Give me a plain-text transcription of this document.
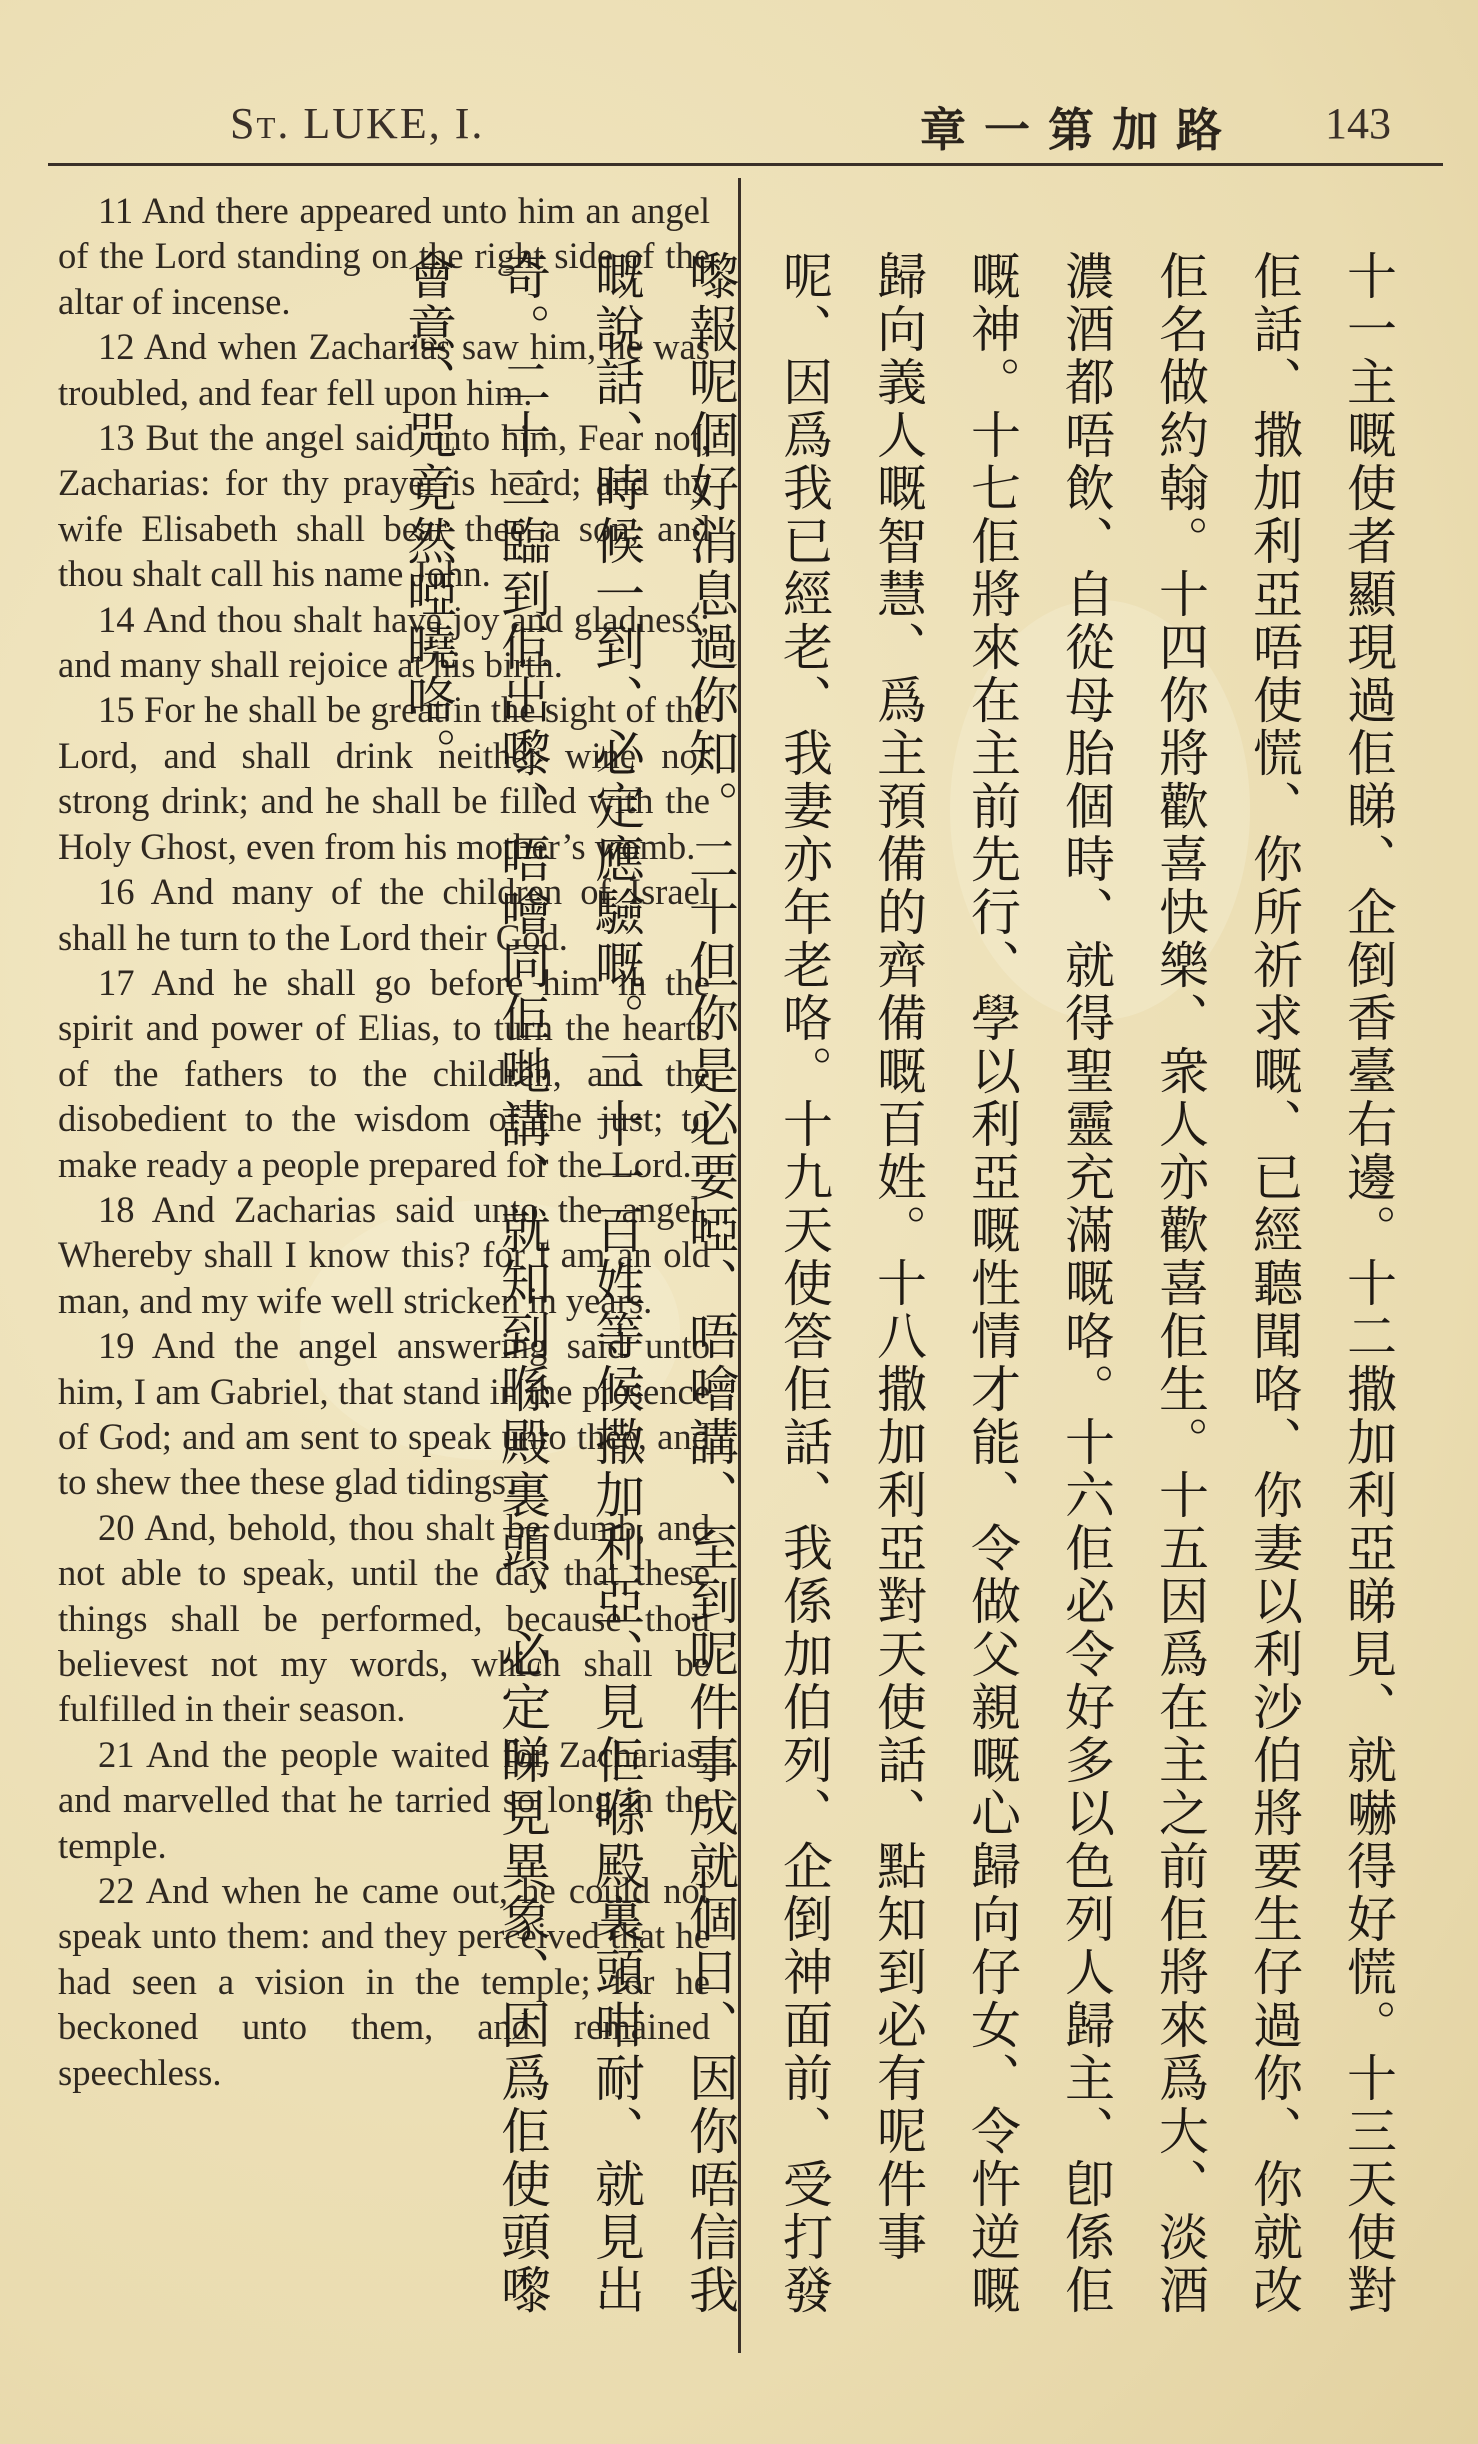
St. LUKE, I.	章一第加路 143

11 And there appeared unto him an angel of the Lord standing on the right side of the altar of incense.

12 And when Zacharias saw him, he was troubled, and fear fell upon him.

13 But the angel said unto him, Fear not, Zacharias: for thy prayer is heard; and thy wife Elisabeth shall bear thee a son, and thou shalt call his name John.

14 And thou shalt have joy and gladness; and many shall rejoice at his birth.

15 For he shall be great in the sight of the Lord, and shall drink neither wine nor strong drink; and he shall be filled with the Holy Ghost, even from his mother’s womb.

16 And many of the children of Israel shall he turn to the Lord their God.

17 And he shall go before him in the spirit and power of Elias, to turn the hearts of the fathers to the children, and the disobedient to the wisdom of the just; to make ready a people prepared for the Lord.

18 And Zacharias said unto the angel, Whereby shall I know this? for I am an old man, and my wife well stricken in years.

19 And the angel answering said unto him, I am Gabriel, that stand in the presence of God; and am sent to speak unto thee, and to shew thee these glad tidings.

20 And, behold, thou shalt be dumb, and not able to speak, until the day that these things shall be performed, because thou believest not my words, which shall be fulfilled in their season.

21 And the people waited for Zacharias, and marvelled that he tarried so long in the temple.

22 And when he came out, he could not speak unto them: and they perceived that he had seen a vision in the temple; for he beckoned unto them, and remained speechless.	十一主嘅使者顯現過佢睇、企倒香臺右邊。十二撒加利亞睇見、就嚇得好慌。十三天使對佢話、撒加利亞唔使慌、你所祈求嘅、已經聽聞咯、你妻以利沙伯將要生仔過你、你就改佢名做約翰。十四你將歡喜快樂、衆人亦歡喜佢生。十五因爲在主之前佢將來爲大、淡酒濃酒都唔飲、自從母胎個時、就得聖靈充滿嘅咯。十六佢必令好多以色列人歸主、卽係佢嘅神。十七佢將來在主前先行、學以利亞嘅性情才能、令做父親嘅心歸向仔女、令忤逆嘅歸向義人嘅智慧、爲主預備的齊備嘅百姓。十八撒加利亞對天使話、點知到必有呢件事呢、因爲我已經老、我妻亦年老咯。十九天使答佢話、我係加伯列、企倒神面前、受打發嚟報呢個好消息過你知。二十但你是必要啞、唔噲講、至到呢件事成就個日、因你唔信我嘅說話、時候一到、必定應驗嘅。二十一百姓等候撒加利亞、見佢喺殿裏頭咁耐、就見出奇。二十二臨到佢出嚟、唔噲同佢哋講、就知到喺殿裏頭、必定睇見異象、因爲佢使頭嚟會意、咒竟然啞曉咯。
